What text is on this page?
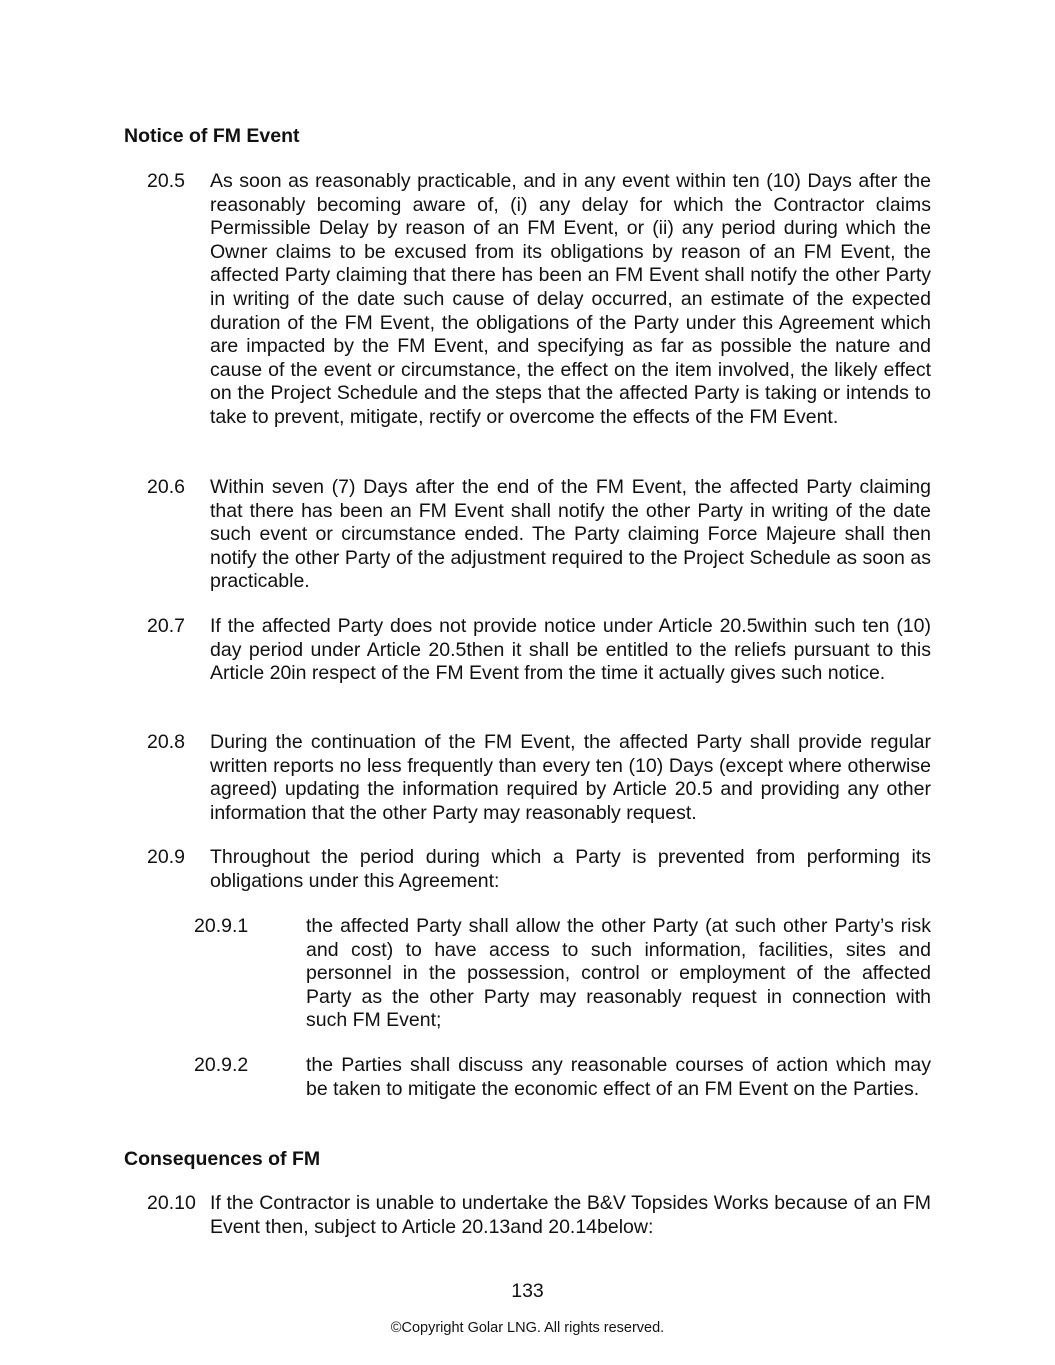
Notice of FM Event
20.5 As soon as reasonably practicable, and in any event within ten (10) Days after the reasonably becoming aware of, (i) any delay for which the Contractor claims Permissible Delay by reason of an FM Event, or (ii) any period during which the Owner claims to be excused from its obligations by reason of an FM Event, the affected Party claiming that there has been an FM Event shall notify the other Party in writing of the date such cause of delay occurred, an estimate of the expected duration of the FM Event, the obligations of the Party under this Agreement which are impacted by the FM Event, and specifying as far as possible the nature and cause of the event or circumstance, the effect on the item involved, the likely effect on the Project Schedule and the steps that the affected Party is taking or intends to take to prevent, mitigate, rectify or overcome the effects of the FM Event.
20.6 Within seven (7) Days after the end of the FM Event, the affected Party claiming that there has been an FM Event shall notify the other Party in writing of the date such event or circumstance ended. The Party claiming Force Majeure shall then notify the other Party of the adjustment required to the Project Schedule as soon as practicable.
20.7 If the affected Party does not provide notice under Article 20.5within such ten (10) day period under Article 20.5then it shall be entitled to the reliefs pursuant to this Article 20in respect of the FM Event from the time it actually gives such notice.
20.8 During the continuation of the FM Event, the affected Party shall provide regular written reports no less frequently than every ten (10) Days (except where otherwise agreed) updating the information required by Article 20.5 and providing any other information that the other Party may reasonably request.
20.9 Throughout the period during which a Party is prevented from performing its obligations under this Agreement:
20.9.1	the affected Party shall allow the other Party (at such other Party’s risk and cost) to have access to such information, facilities, sites and personnel in the possession, control or employment of the affected Party as the other Party may reasonably request in connection with such FM Event;
20.9.2	the Parties shall discuss any reasonable courses of action which may be taken to mitigate the economic effect of an FM Event on the Parties.
Consequences of FM
20.10 If the Contractor is unable to undertake the B&V Topsides Works because of an FM Event then, subject to Article 20.13and 20.14below:
133
©Copyright Golar LNG. All rights reserved.
